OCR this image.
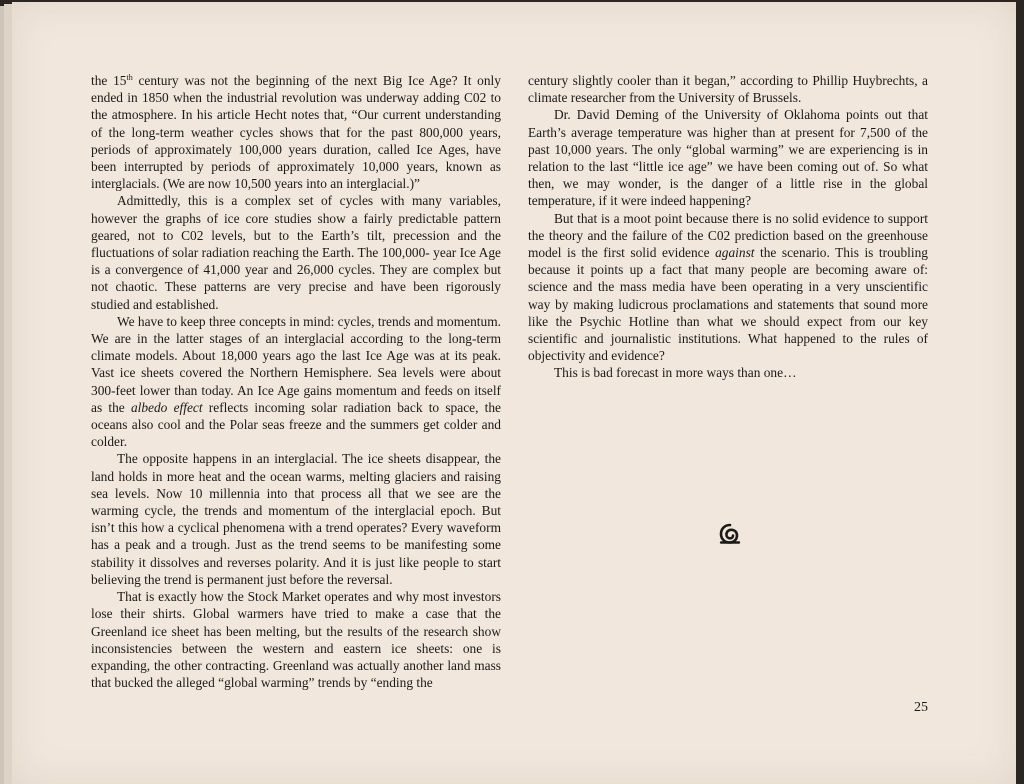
the 15th century was not the beginning of the next Big Ice Age? It only ended in 1850 when the industrial revolution was underway adding C02 to the atmosphere. In his article Hecht notes that, “Our current understanding of the long-term weather cycles shows that for the past 800,000 years, periods of approximately 100,000 years duration, called Ice Ages, have been interrupted by periods of approximately 10,000 years, known as interglacials. (We are now 10,500 years into an interglacial.)”

Admittedly, this is a complex set of cycles with many variables, however the graphs of ice core studies show a fairly predictable pattern geared, not to C02 levels, but to the Earth’s tilt, precession and the fluctuations of solar radiation reaching the Earth. The 100,000- year Ice Age is a convergence of 41,000 year and 26,000 cycles. They are complex but not chaotic. These patterns are very precise and have been rigorously studied and established.

We have to keep three concepts in mind: cycles, trends and momentum. We are in the latter stages of an interglacial according to the long-term climate models. About 18,000 years ago the last Ice Age was at its peak. Vast ice sheets covered the Northern Hemisphere. Sea levels were about 300-feet lower than today. An Ice Age gains momentum and feeds on itself as the albedo effect reflects incoming solar radiation back to space, the oceans also cool and the Polar seas freeze and the summers get colder and colder.

The opposite happens in an interglacial. The ice sheets disappear, the land holds in more heat and the ocean warms, melting glaciers and raising sea levels. Now 10 millennia into that process all that we see are the warming cycle, the trends and momentum of the interglacial epoch. But isn’t this how a cyclical phenomena with a trend operates? Every waveform has a peak and a trough. Just as the trend seems to be manifesting some stability it dissolves and reverses polarity. And it is just like people to start believing the trend is permanent just before the reversal.

That is exactly how the Stock Market operates and why most investors lose their shirts. Global warmers have tried to make a case that the Greenland ice sheet has been melting, but the results of the research show inconsistencies between the western and eastern ice sheets: one is expanding, the other contracting. Greenland was actually another land mass that bucked the alleged “global warming” trends by “ending the

century slightly cooler than it began,” according to Phillip Huybrechts, a climate researcher from the University of Brussels.

Dr. David Deming of the University of Oklahoma points out that Earth’s average temperature was higher than at present for 7,500 of the past 10,000 years. The only “global warming” we are experiencing is in relation to the last “little ice age” we have been coming out of. So what then, we may wonder, is the danger of a little rise in the global temperature, if it were indeed happening?

But that is a moot point because there is no solid evidence to support the theory and the failure of the C02 prediction based on the greenhouse model is the first solid evidence against the scenario. This is troubling because it points up a fact that many people are becoming aware of: science and the mass media have been operating in a very unscientific way by making ludicrous proclamations and statements that sound more like the Psychic Hotline than what we should expect from our key scientific and journalistic institutions. What happened to the rules of objectivity and evidence?

This is bad forecast in more ways than one…

25
